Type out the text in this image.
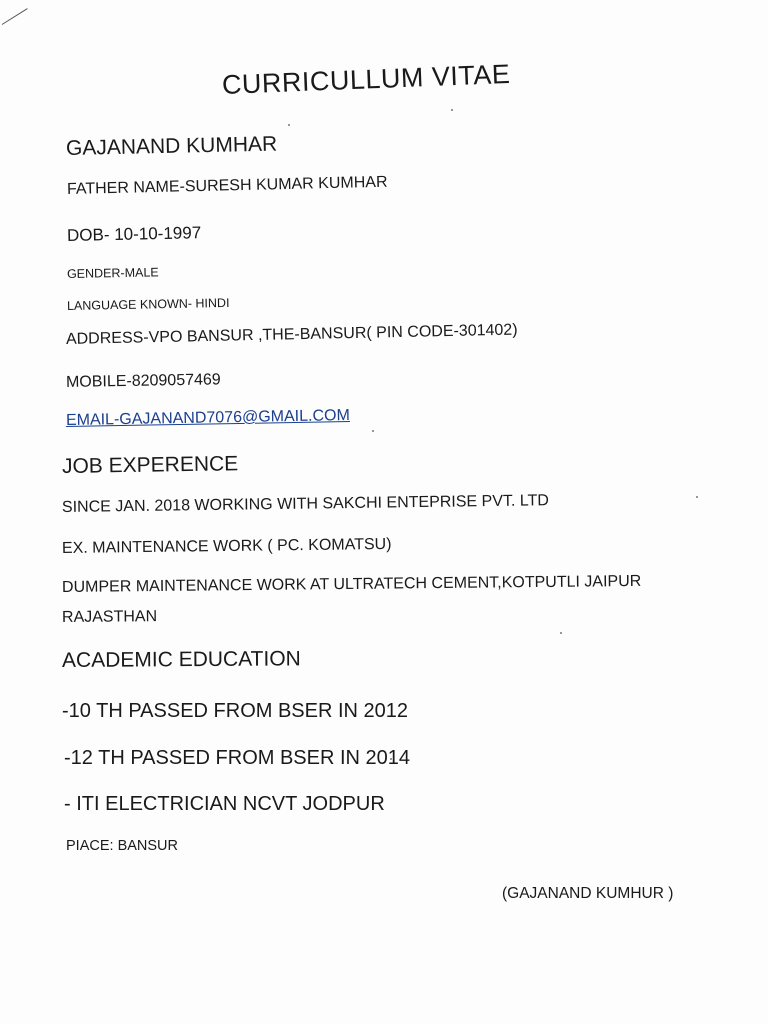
CURRICULLUM VITAE
GAJANAND KUMHAR
FATHER NAME-SURESH KUMAR KUMHAR
DOB- 10-10-1997
GENDER-MALE
LANGUAGE KNOWN- HINDI
ADDRESS-VPO BANSUR ,THE-BANSUR( PIN CODE-301402)
MOBILE-8209057469
EMAIL-GAJANAND7076@GMAIL.COM
JOB EXPERENCE
SINCE JAN. 2018 WORKING WITH SAKCHI ENTEPRISE PVT. LTD
EX. MAINTENANCE WORK ( PC. KOMATSU)
DUMPER MAINTENANCE WORK AT ULTRATECH CEMENT,KOTPUTLI JAIPUR
RAJASTHAN
ACADEMIC EDUCATION
-10 TH PASSED FROM BSER IN 2012
-12 TH PASSED FROM BSER IN 2014
- ITI ELECTRICIAN NCVT JODPUR
PIACE: BANSUR
(GAJANAND KUMHUR )
